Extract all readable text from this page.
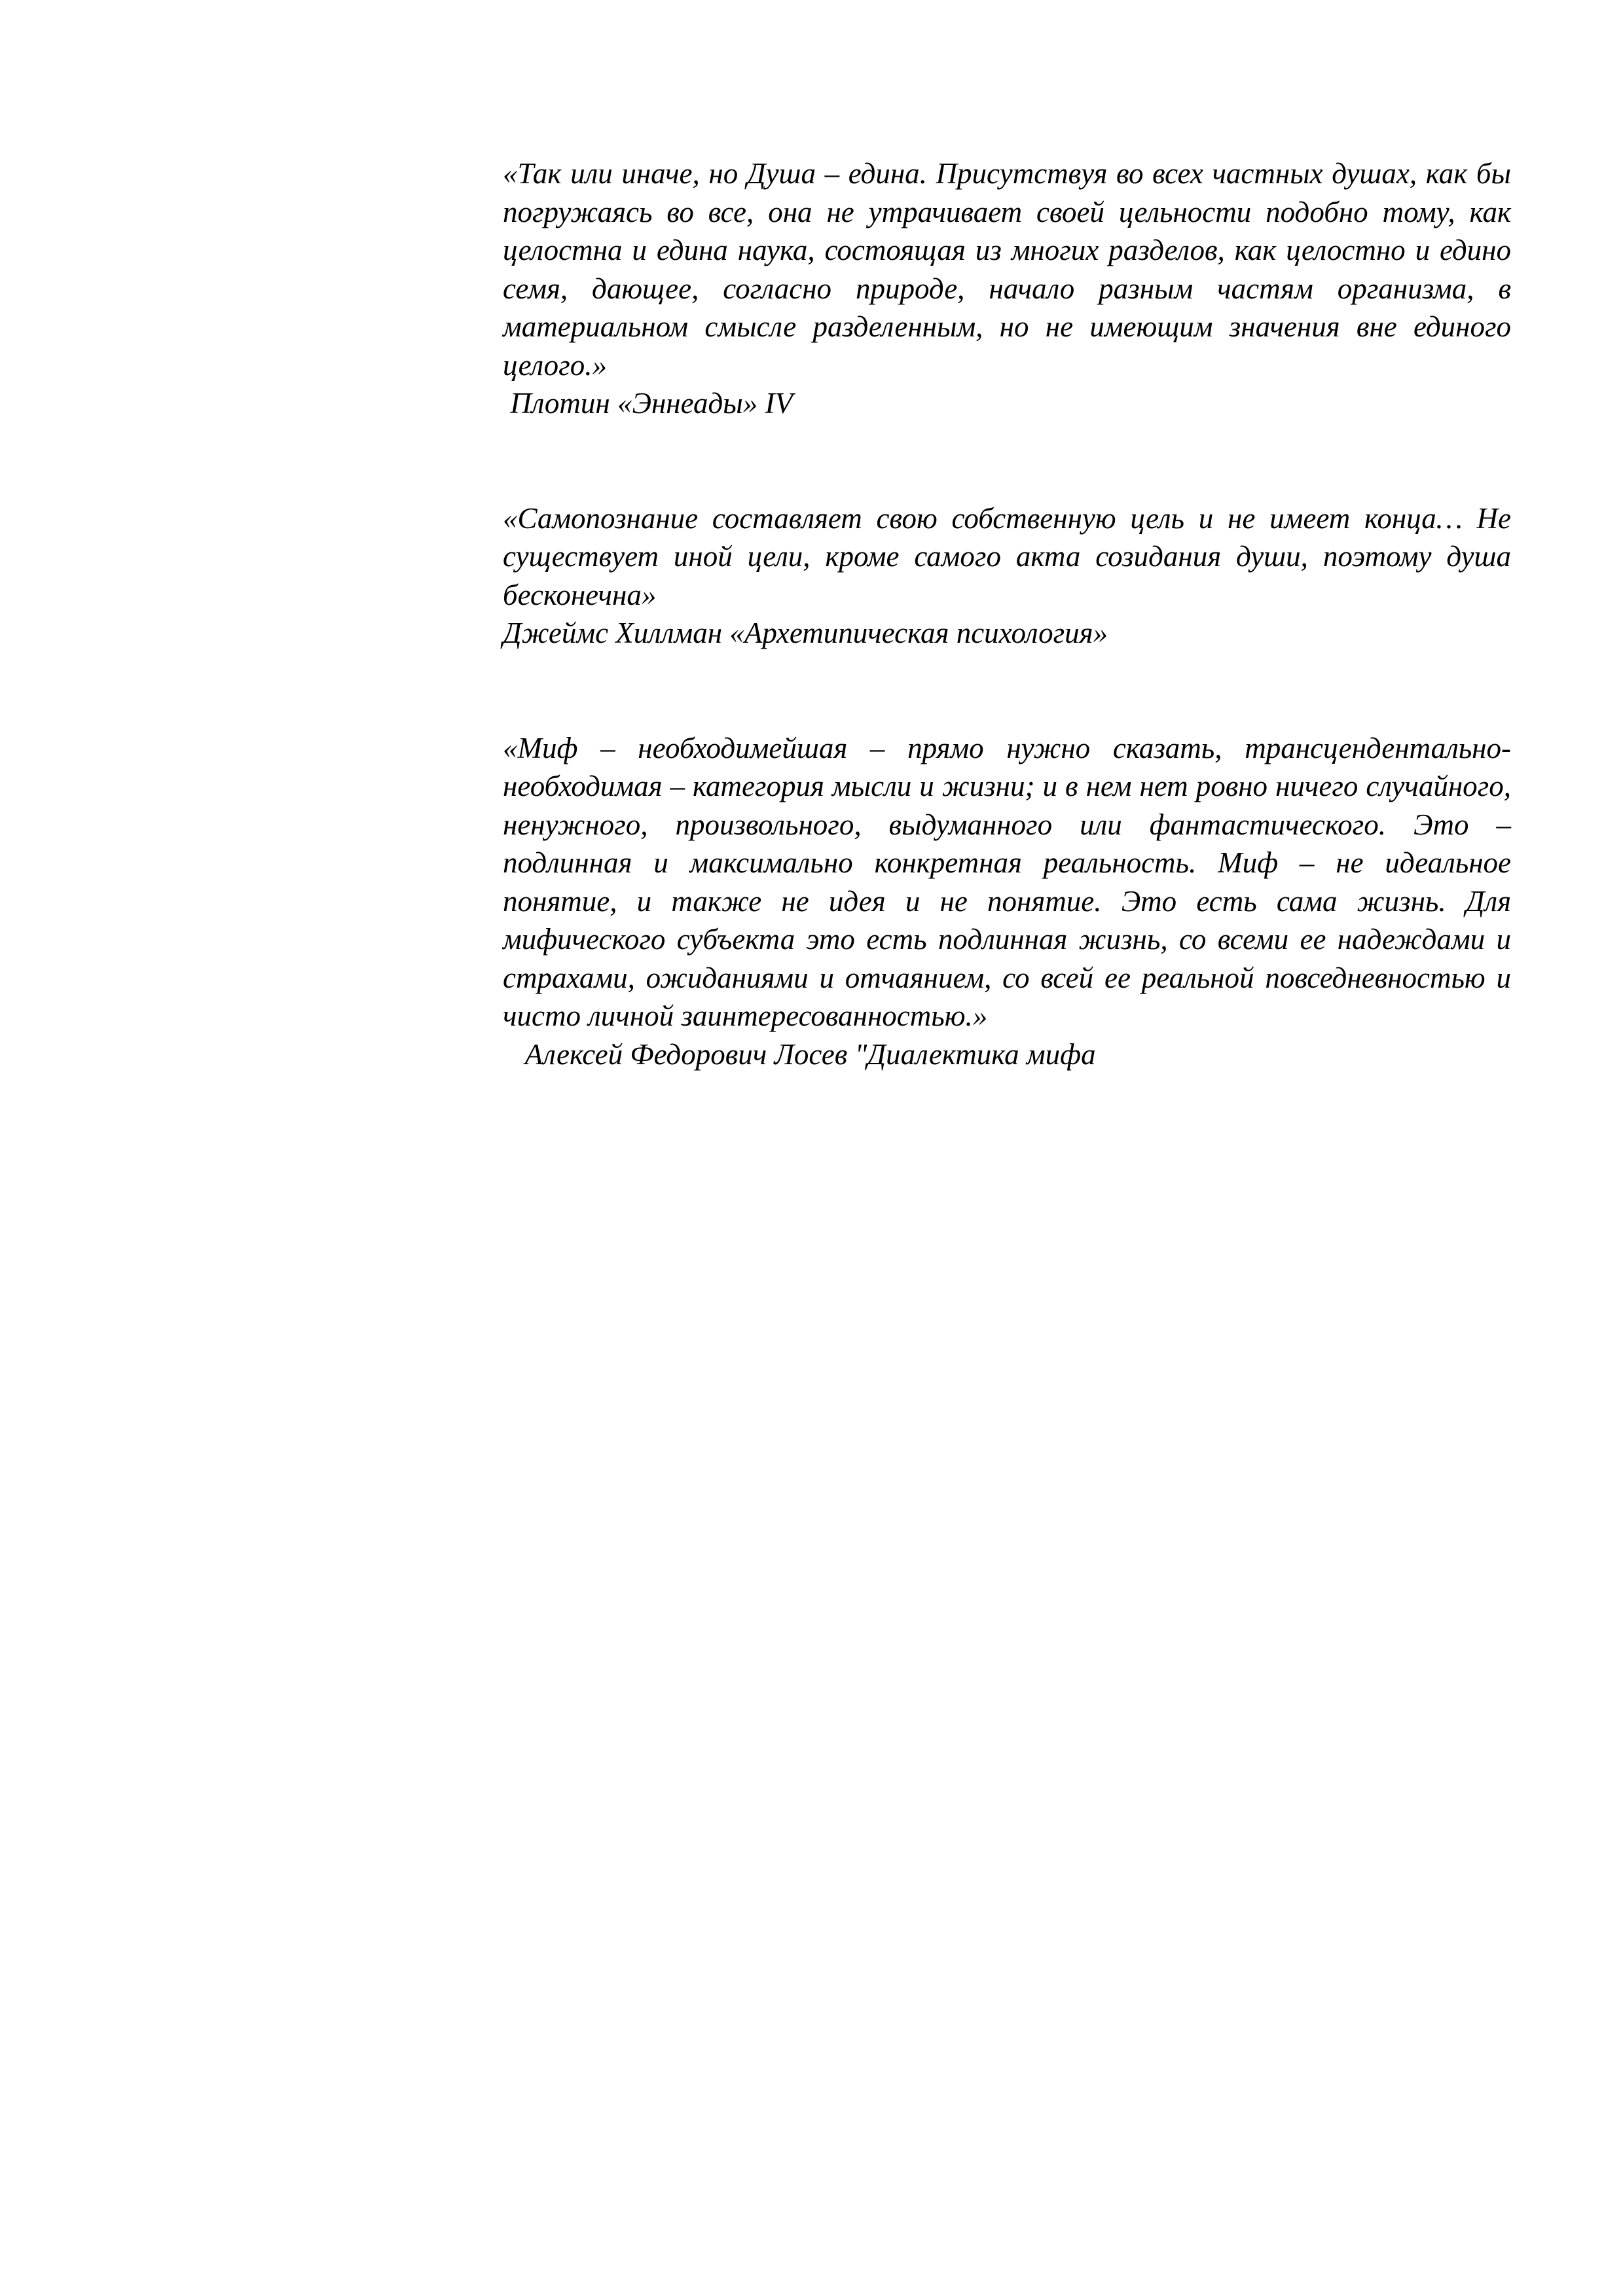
«Так или иначе, но Душа – едина. Присутствуя во всех частных душах, как бы погружаясь во все, она не утрачивает своей цельности подобно тому, как целостна и едина наука, состоящая из многих разделов, как целостно и едино семя, дающее, согласно природе, начало разным частям организма, в материальном смысле разделенным, но не имеющим значения вне единого целого.»

Плотин «Эннеады» IV

«Самопознание составляет свою собственную цель и не имеет конца… Не существует иной цели, кроме самого акта созидания души, поэтому душа бесконечна»

Джеймс Хиллман «Архетипическая психология»

«Миф – необходимейшая – прямо нужно сказать, трансцендентально-необходимая – категория мысли и жизни; и в нем нет ровно ничего случайного, ненужного, произвольного, выдуманного или фантастического. Это – подлинная и максимально конкретная реальность. Миф – не идеальное понятие, и также не идея и не понятие. Это есть сама жизнь. Для мифического субъекта это есть подлинная жизнь, со всеми ее надеждами и страхами, ожиданиями и отчаянием, со всей ее реальной повседневностью и чисто личной заинтересованностью.»

Алексей Федорович Лосев "Диалектика мифа
